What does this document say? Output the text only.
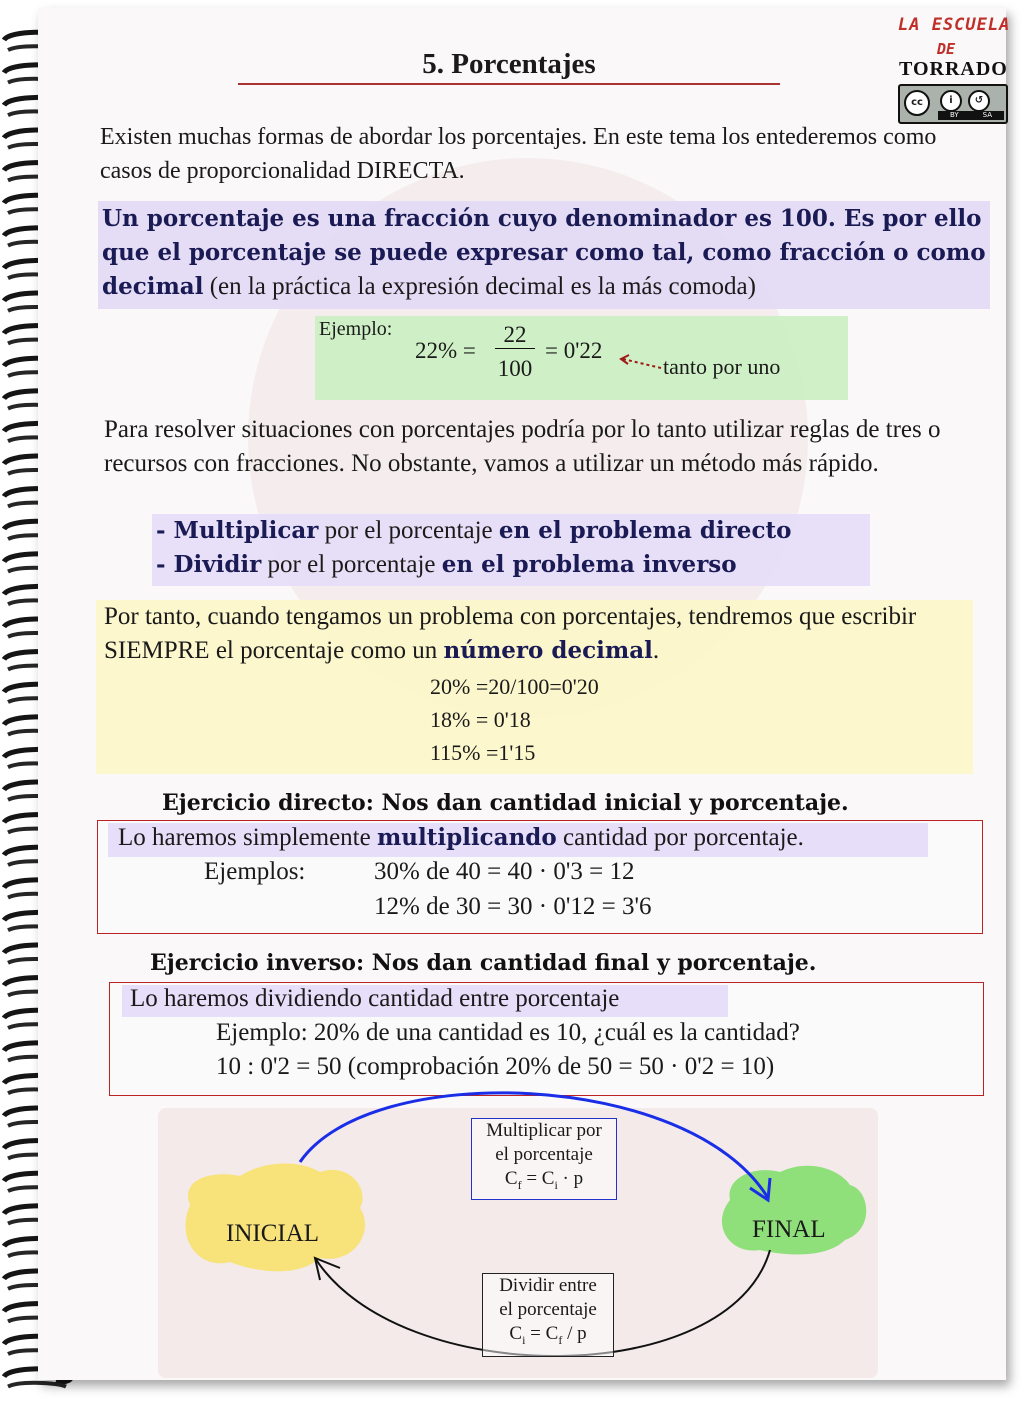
5. Porcentajes
LA ESCUELA
DE
TORRADO
cc	i	↺
BY	SA
Existen muchas formas de abordar los porcentajes. En este tema los entederemos como casos de proporcionalidad DIRECTA.

Un porcentaje es una fracción cuyo denominador es 100. Es por ello que el porcentaje se puede expresar como tal, como fracción o como decimal (en la práctica la expresión decimal es la más comoda)

Ejemplo:
22% =
22
100
= 0'22
tanto por uno
Para resolver situaciones con porcentajes podría por lo tanto utilizar reglas de tres o recursos con fracciones. No obstante, vamos a utilizar un método más rápido.

- Multiplicar por el porcentaje en el problema directo

- Dividir por el porcentaje en el problema inverso

Por tanto, cuando tengamos un problema con porcentajes, tendremos que escribir SIEMPRE el porcentaje como un número decimal.

20% =20/100=0'20
18% = 0'18
115% =1'15
Ejercicio directo: Nos dan cantidad inicial y porcentaje.
Lo haremos simplemente multiplicando cantidad por porcentaje.
Ejemplos:	30% de 40 = 40 · 0'3 = 12
12% de 30 = 30 · 0'12 = 3'6
Ejercicio inverso: Nos dan cantidad final y porcentaje.
Lo haremos dividiendo cantidad entre porcentaje
Ejemplo: 20% de una cantidad es 10, ¿cuál es la cantidad?
10 : 0'2 = 50 (comprobación 20% de 50 = 50 · 0'2 = 10)
INICIAL	FINAL
Multiplicar por
el porcentaje
$C_f = C_i \cdot p$
Dividir entre
el porcentaje
$C_i = C_f / p$
